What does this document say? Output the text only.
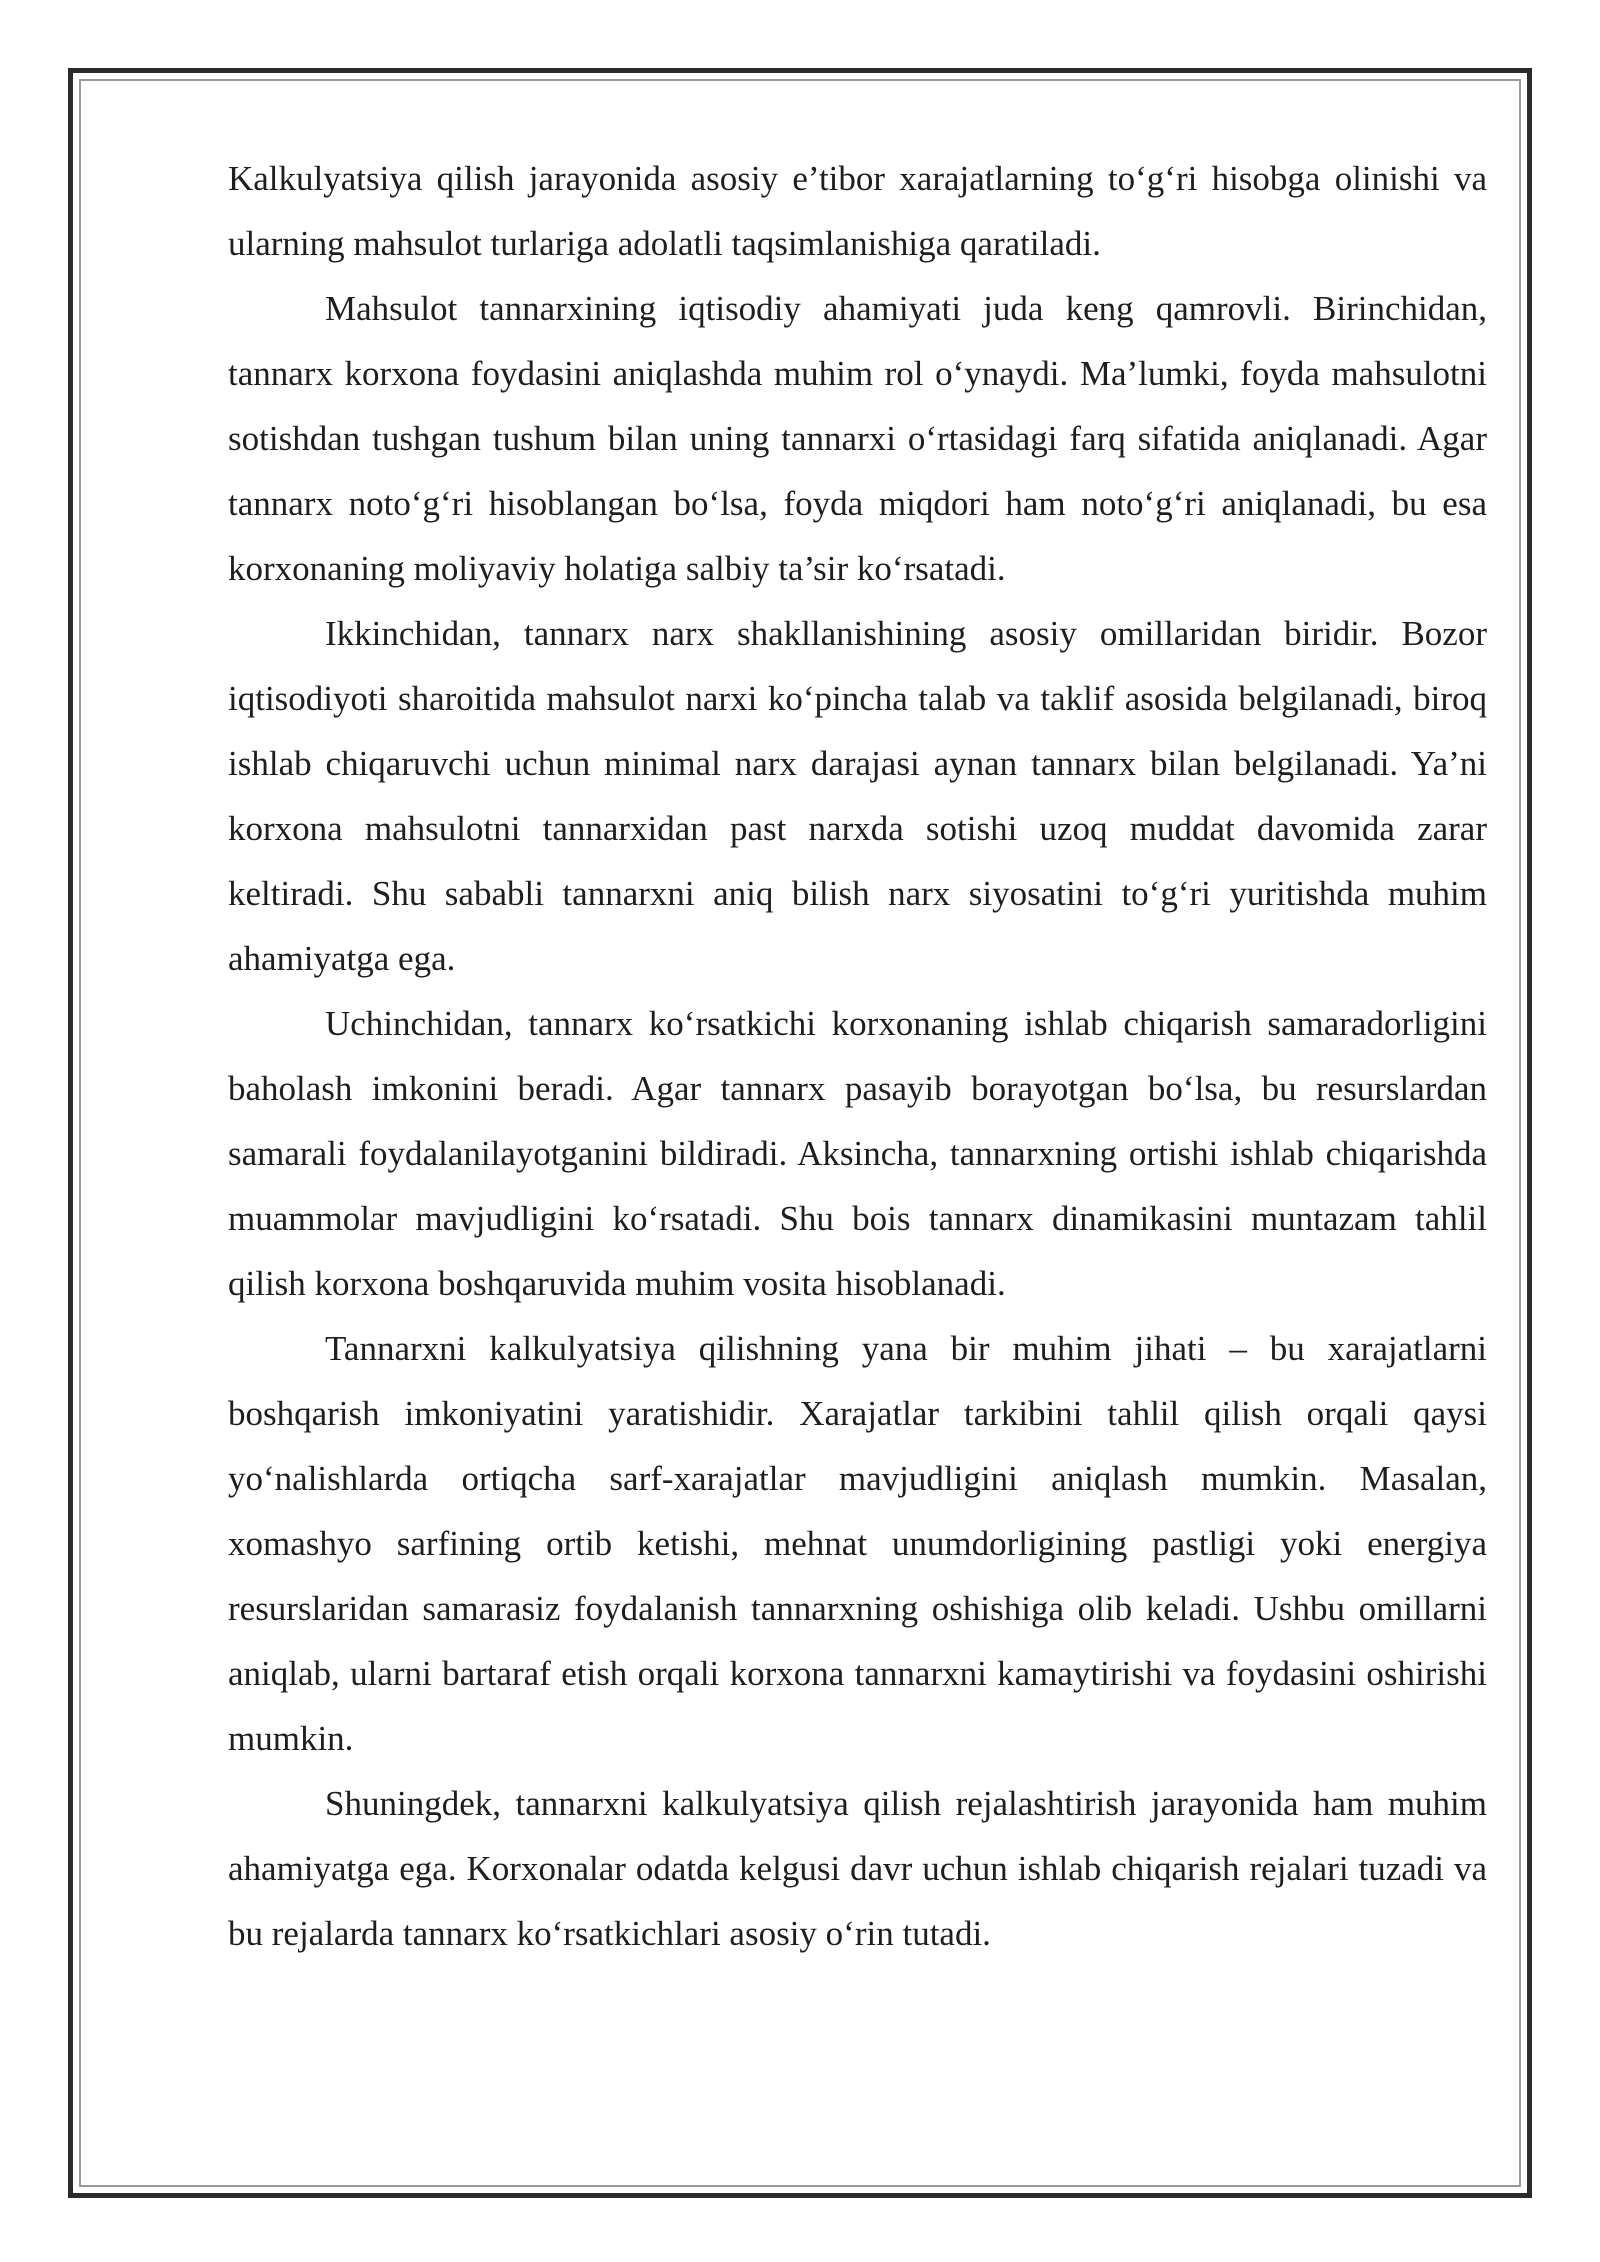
Kalkulyatsiya qilish jarayonida asosiy e’tibor xarajatlarning to‘g‘ri hisobga olinishi va ularning mahsulot turlariga adolatli taqsimlanishiga qaratiladi.

Mahsulot tannarxining iqtisodiy ahamiyati juda keng qamrovli. Birinchidan, tannarx korxona foydasini aniqlashda muhim rol o‘ynaydi. Ma’lumki, foyda mahsulotni sotishdan tushgan tushum bilan uning tannarxi o‘rtasidagi farq sifatida aniqlanadi. Agar tannarx noto‘g‘ri hisoblangan bo‘lsa, foyda miqdori ham noto‘g‘ri aniqlanadi, bu esa korxonaning moliyaviy holatiga salbiy ta’sir ko‘rsatadi.

Ikkinchidan, tannarx narx shakllanishining asosiy omillaridan biridir. Bozor iqtisodiyoti sharoitida mahsulot narxi ko‘pincha talab va taklif asosida belgilanadi, biroq ishlab chiqaruvchi uchun minimal narx darajasi aynan tannarx bilan belgilanadi. Ya’ni korxona mahsulotni tannarxidan past narxda sotishi uzoq muddat davomida zarar keltiradi. Shu sababli tannarxni aniq bilish narx siyosatini to‘g‘ri yuritishda muhim ahamiyatga ega.

Uchinchidan, tannarx ko‘rsatkichi korxonaning ishlab chiqarish samaradorligini baholash imkonini beradi. Agar tannarx pasayib borayotgan bo‘lsa, bu resurslardan samarali foydalanilayotganini bildiradi. Aksincha, tannarxning ortishi ishlab chiqarishda muammolar mavjudligini ko‘rsatadi. Shu bois tannarx dinamikasini muntazam tahlil qilish korxona boshqaruvida muhim vosita hisoblanadi.

Tannarxni kalkulyatsiya qilishning yana bir muhim jihati – bu xarajatlarni boshqarish imkoniyatini yaratishidir. Xarajatlar tarkibini tahlil qilish orqali qaysi yo‘nalishlarda ortiqcha sarf-xarajatlar mavjudligini aniqlash mumkin. Masalan, xomashyo sarfining ortib ketishi, mehnat unumdorligining pastligi yoki energiya resurslaridan samarasiz foydalanish tannarxning oshishiga olib keladi. Ushbu omillarni aniqlab, ularni bartaraf etish orqali korxona tannarxni kamaytirishi va foydasini oshirishi mumkin.

Shuningdek, tannarxni kalkulyatsiya qilish rejalashtirish jarayonida ham muhim ahamiyatga ega. Korxonalar odatda kelgusi davr uchun ishlab chiqarish rejalari tuzadi va bu rejalarda tannarx ko‘rsatkichlari asosiy o‘rin tutadi.
